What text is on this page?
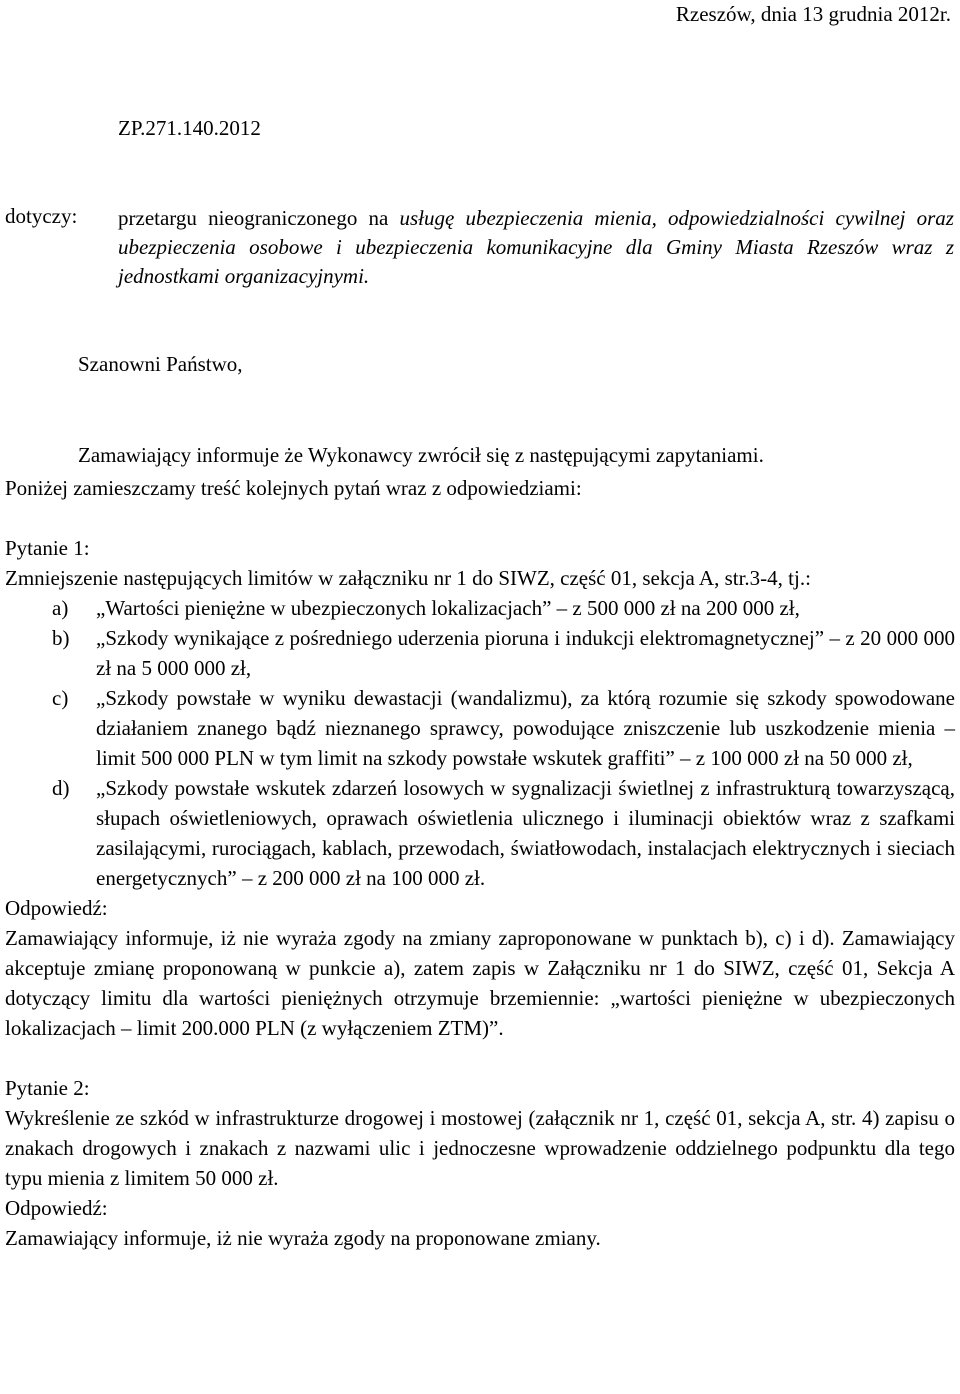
Rzeszów, dnia 13 grudnia 2012r.
ZP.271.140.2012
dotyczy: przetargu nieograniczonego na usługę ubezpieczenia mienia, odpowiedzialności cywilnej oraz ubezpieczenia osobowe i ubezpieczenia komunikacyjne dla Gminy Miasta Rzeszów wraz z jednostkami organizacyjnymi.
Szanowni Państwo,
Zamawiający informuje że Wykonawcy zwrócił się z następującymi zapytaniami.

Poniżej zamieszczamy treść kolejnych pytań wraz z odpowiedziami:

Pytanie 1:

Zmniejszenie następujących limitów w załączniku nr 1 do SIWZ, część 01, sekcja A, str.3-4, tj.:

a) „Wartości pieniężne w ubezpieczonych lokalizacjach” – z 500 000 zł na 200 000 zł,
b) „Szkody wynikające z pośredniego uderzenia pioruna i indukcji elektromagnetycznej” – z 20 000 000 zł na 5 000 000 zł,
c) „Szkody powstałe w wyniku dewastacji (wandalizmu), za którą rozumie się szkody spowodowane działaniem znanego bądź nieznanego sprawcy, powodujące zniszczenie lub uszkodzenie mienia – limit 500 000 PLN w tym limit na szkody powstałe wskutek graffiti” – z 100 000 zł na 50 000 zł,
d) „Szkody powstałe wskutek zdarzeń losowych w sygnalizacji świetlnej z infrastrukturą towarzyszącą, słupach oświetleniowych, oprawach oświetlenia ulicznego i iluminacji obiektów wraz z szafkami zasilającymi, rurociągach, kablach, przewodach, światłowodach, instalacjach elektrycznych i sieciach energetycznych” – z 200 000 zł na 100 000 zł.

Odpowiedź:

Zamawiający informuje, iż nie wyraża zgody na zmiany zaproponowane w punktach b), c) i d). Zamawiający akceptuje zmianę proponowaną w punkcie a), zatem zapis w Załączniku nr 1 do SIWZ, część 01, Sekcja A dotyczący limitu dla wartości pieniężnych otrzymuje brzemiennie: „wartości pieniężne w ubezpieczonych lokalizacjach – limit 200.000 PLN (z wyłączeniem ZTM)”.

Pytanie 2:

Wykreślenie ze szkód w infrastrukturze drogowej i mostowej (załącznik nr 1, część 01, sekcja A, str. 4) zapisu o znakach drogowych i znakach z nazwami ulic i jednoczesne wprowadzenie oddzielnego podpunktu dla tego typu mienia z limitem 50 000 zł.

Odpowiedź:

Zamawiający informuje, iż nie wyraża zgody na proponowane zmiany.
